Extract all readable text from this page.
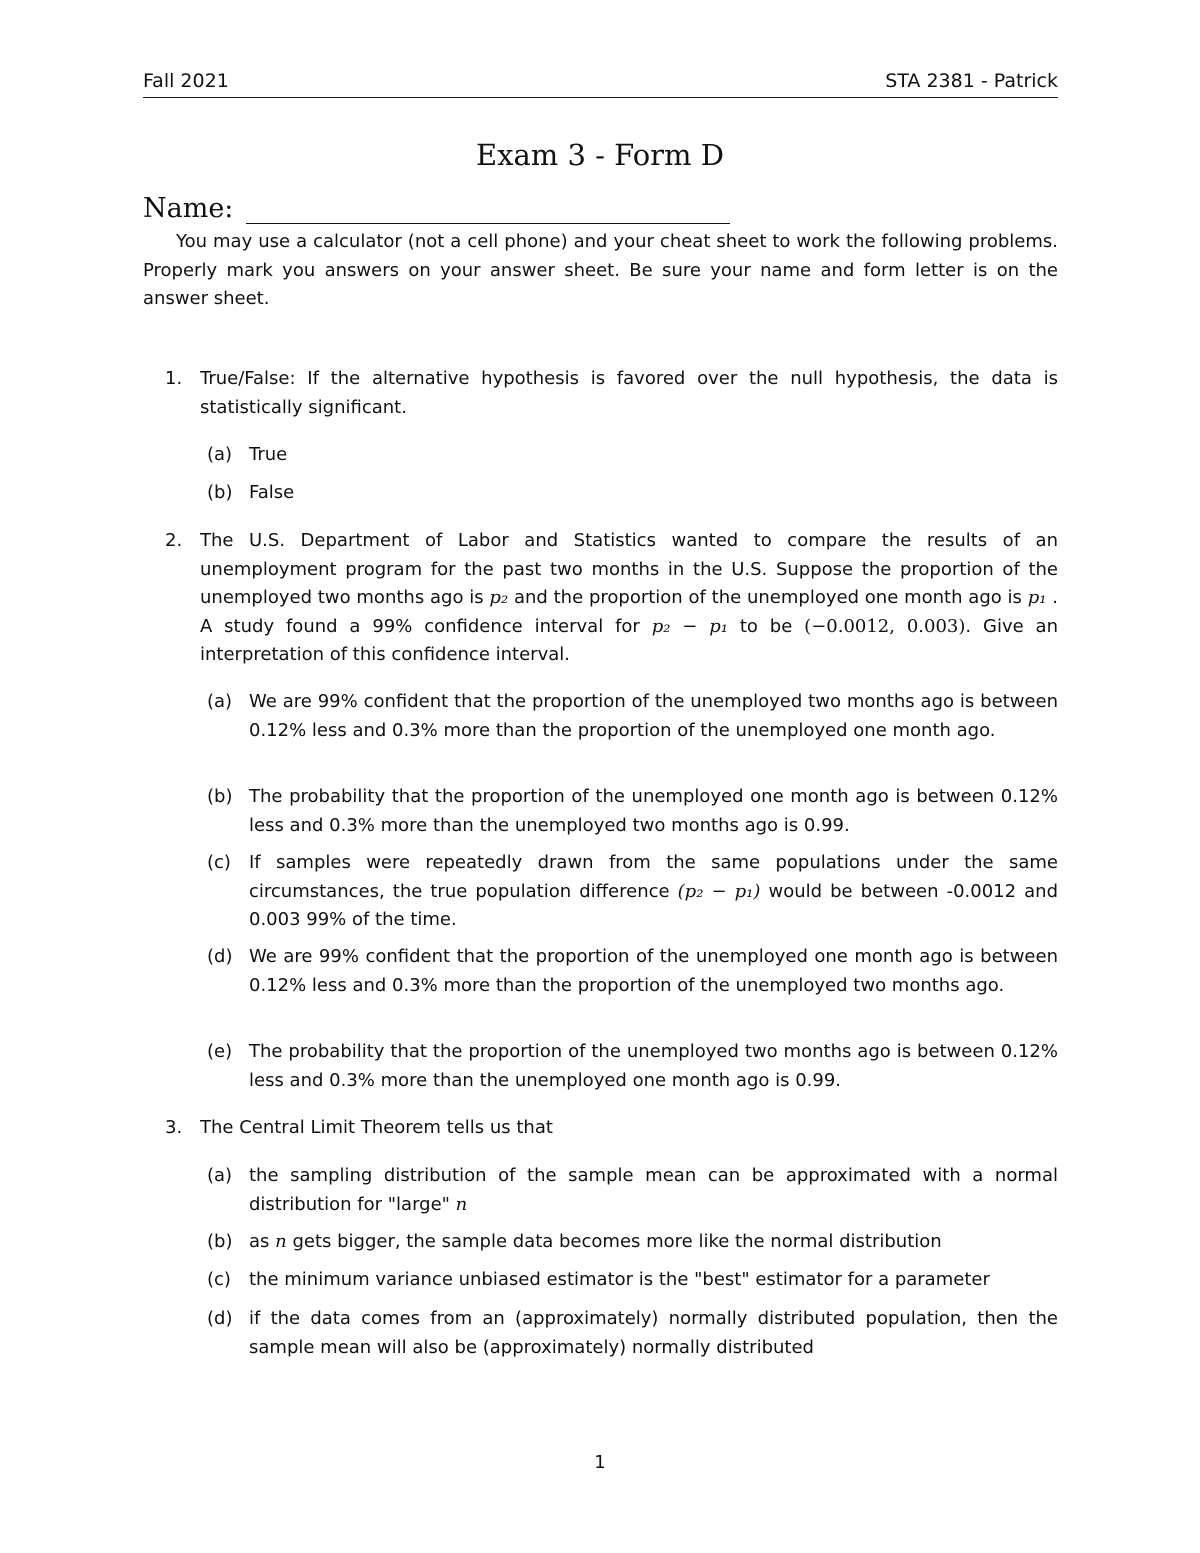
Fall 2021	STA 2381 - Patrick
Exam 3 - Form D
Name:
You may use a calculator (not a cell phone) and your cheat sheet to work the following problems. Properly mark you answers on your answer sheet. Be sure your name and form letter is on the answer sheet.
1. True/False: If the alternative hypothesis is favored over the null hypothesis, the data is statistically significant.
(a) True
(b) False
2. The U.S. Department of Labor and Statistics wanted to compare the results of an unemployment program for the past two months in the U.S. Suppose the proportion of the unemployed two months ago is p₂ and the proportion of the unemployed one month ago is p₁ . A study found a 99% confidence interval for p₂ − p₁ to be (−0.0012, 0.003). Give an interpretation of this confidence interval.
(a) We are 99% confident that the proportion of the unemployed two months ago is between 0.12% less and 0.3% more than the proportion of the unemployed one month ago.
(b) The probability that the proportion of the unemployed one month ago is between 0.12% less and 0.3% more than the unemployed two months ago is 0.99.
(c) If samples were repeatedly drawn from the same populations under the same circumstances, the true population difference (p₂ − p₁) would be between -0.0012 and 0.003 99% of the time.
(d) We are 99% confident that the proportion of the unemployed one month ago is between 0.12% less and 0.3% more than the proportion of the unemployed two months ago.
(e) The probability that the proportion of the unemployed two months ago is between 0.12% less and 0.3% more than the unemployed one month ago is 0.99.
3. The Central Limit Theorem tells us that
(a) the sampling distribution of the sample mean can be approximated with a normal distribution for "large" n
(b) as n gets bigger, the sample data becomes more like the normal distribution
(c) the minimum variance unbiased estimator is the "best" estimator for a parameter
(d) if the data comes from an (approximately) normally distributed population, then the sample mean will also be (approximately) normally distributed
1
